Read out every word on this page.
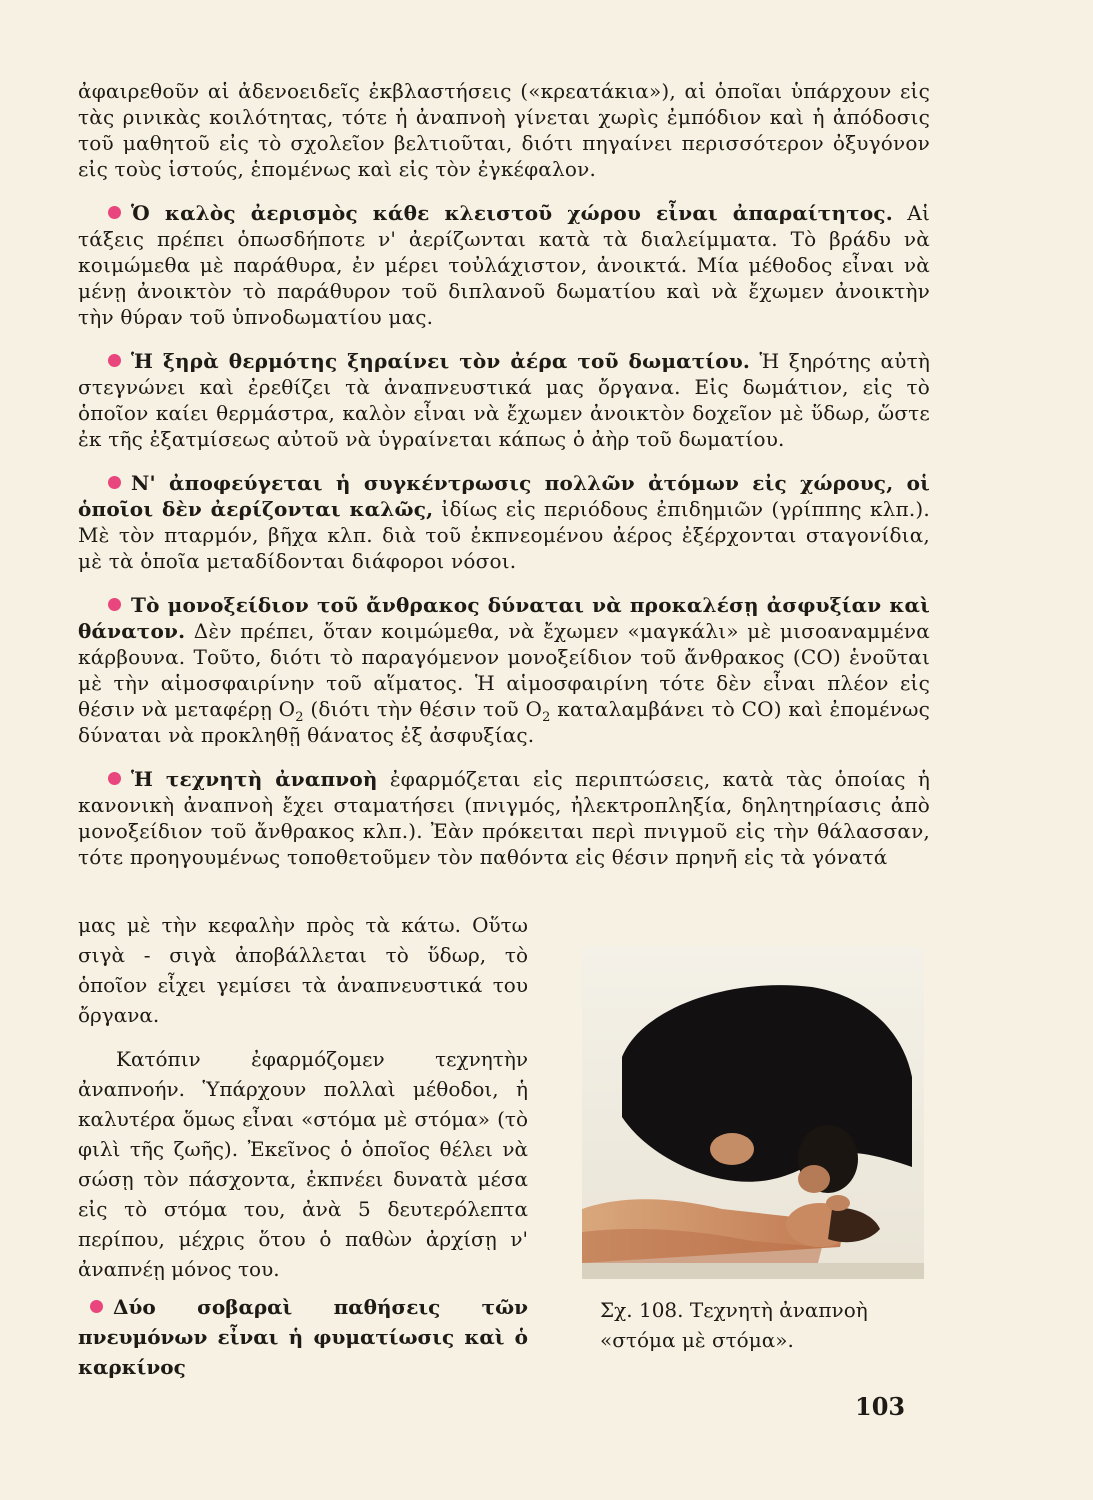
ἀφαιρεθοῦν αἱ ἀδενοειδεῖς ἐκβλαστήσεις («κρεατάκια»), αἱ ὁποῖαι ὑπάρχουν εἰς τὰς ρινικὰς κοιλότητας, τότε ἡ ἀναπνοὴ γίνεται χωρὶς ἐμπόδιον καὶ ἡ ἀπόδοσις τοῦ μαθητοῦ εἰς τὸ σχολεῖον βελτιοῦται, διότι πηγαίνει περισσότερον ὀξυγόνον εἰς τοὺς ἱστούς, ἑπομένως καὶ εἰς τὸν ἐγκέφαλον.

Ὁ καλὸς ἀερισμὸς κάθε κλειστοῦ χώρου εἶναι ἀπαραίτητος. Αἱ τάξεις πρέπει ὁπωσδήποτε ν' ἀερίζωνται κατὰ τὰ διαλείμματα. Τὸ βράδυ νὰ κοιμώμεθα μὲ παράθυρα, ἐν μέρει τοὐλάχιστον, ἀνοικτά. Μία μέθοδος εἶναι νὰ μένῃ ἀνοικτὸν τὸ παράθυρον τοῦ διπλανοῦ δωματίου καὶ νὰ ἔχωμεν ἀνοικτὴν τὴν θύραν τοῦ ὑπνοδωματίου μας.

Ἡ ξηρὰ θερμότης ξηραίνει τὸν ἀέρα τοῦ δωματίου. Ἡ ξηρότης αὐτὴ στεγνώνει καὶ ἐρεθίζει τὰ ἀναπνευστικά μας ὄργανα. Εἰς δωμάτιον, εἰς τὸ ὁποῖον καίει θερμάστρα, καλὸν εἶναι νὰ ἔχωμεν ἀνοικτὸν δοχεῖον μὲ ὕδωρ, ὥστε ἐκ τῆς ἐξατμίσεως αὐτοῦ νὰ ὑγραίνεται κάπως ὁ ἀὴρ τοῦ δωματίου.

Ν' ἀποφεύγεται ἡ συγκέντρωσις πολλῶν ἀτόμων εἰς χώρους, οἱ ὁποῖοι δὲν ἀερίζονται καλῶς, ἰδίως εἰς περιόδους ἐπιδημιῶν (γρίππης κλπ.). Μὲ τὸν πταρμόν, βῆχα κλπ. διὰ τοῦ ἐκπνεομένου ἀέρος ἐξέρχονται σταγονίδια, μὲ τὰ ὁποῖα μεταδίδονται διάφοροι νόσοι.

Τὸ μονοξείδιον τοῦ ἄνθρακος δύναται νὰ προκαλέσῃ ἀσφυξίαν καὶ θάνατον. Δὲν πρέπει, ὅταν κοιμώμεθα, νὰ ἔχωμεν «μαγκάλι» μὲ μισοαναμμένα κάρβουνα. Τοῦτο, διότι τὸ παραγόμενον μονοξείδιον τοῦ ἄνθρακος (CO) ἑνοῦται μὲ τὴν αἱμοσφαιρίνην τοῦ αἵματος. Ἡ αἱμοσφαιρίνη τότε δὲν εἶναι πλέον εἰς θέσιν νὰ μεταφέρῃ $O_2$ (διότι τὴν θέσιν τοῦ $O_2$ καταλαμβάνει τὸ CO) καὶ ἐπομένως δύναται νὰ προκληθῇ θάνατος ἐξ ἀσφυξίας.

Ἡ τεχνητὴ ἀναπνοὴ ἐφαρμόζεται εἰς περιπτώσεις, κατὰ τὰς ὁποίας ἡ κανονικὴ ἀναπνοὴ ἔχει σταματήσει (πνιγμός, ἠλεκτροπληξία, δηλητηρίασις ἀπὸ μονοξείδιον τοῦ ἄνθρακος κλπ.). Ἐὰν πρόκειται περὶ πνιγμοῦ εἰς τὴν θάλασσαν, τότε προηγουμένως τοποθετοῦμεν τὸν παθόντα εἰς θέσιν πρηνῆ εἰς τὰ γόνατά

μας μὲ τὴν κεφαλὴν πρὸς τὰ κάτω. Οὕτω σιγὰ - σιγὰ ἀποβάλλεται τὸ ὕδωρ, τὸ ὁποῖον εἶχει γεμίσει τὰ ἀναπνευστικά του ὄργανα.

Κατόπιν ἐφαρμόζομεν τεχνητὴν ἀναπνοήν. Ὑπάρχουν πολλαὶ μέθοδοι, ἡ καλυτέρα ὅμως εἶναι «στόμα μὲ στόμα» (τὸ φιλὶ τῆς ζωῆς). Ἐκεῖνος ὁ ὁποῖος θέλει νὰ σώσῃ τὸν πάσχοντα, ἐκπνέει δυνατὰ μέσα εἰς τὸ στόμα του, ἀνὰ 5 δευτερόλεπτα περίπου, μέχρις ὅτου ὁ παθὼν ἀρχίσῃ ν' ἀναπνέῃ μόνος του.

Δύο σοβαραὶ παθήσεις τῶν πνευμόνων εἶναι ἡ φυματίωσις καὶ ὁ καρκίνος
Σχ. 108. Τεχνητὴ ἀναπνοὴ «στόμα μὲ στόμα».
103
